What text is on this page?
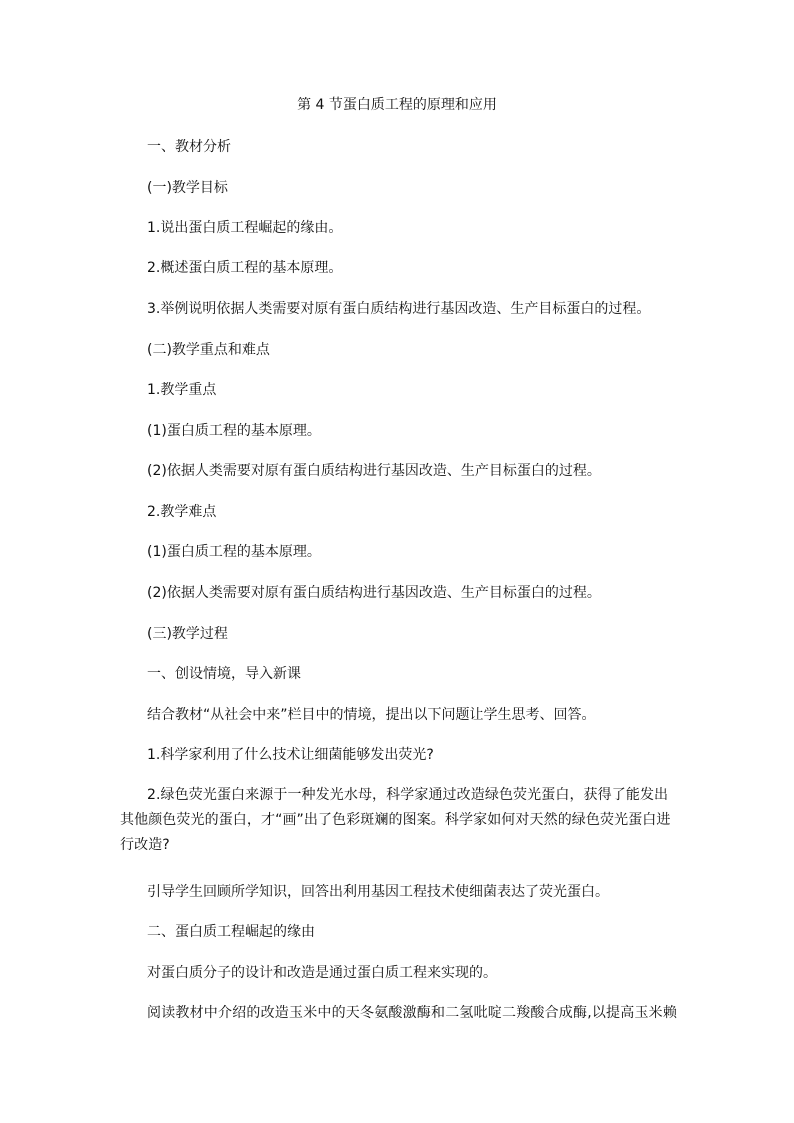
第 4 节蛋白质工程的原理和应用

一、教材分析

(一)教学目标

1.说出蛋白质工程崛起的缘由。

2.概述蛋白质工程的基本原理。

3.举例说明依据人类需要对原有蛋白质结构进行基因改造、生产目标蛋白的过程。

(二)教学重点和难点

1.教学重点

(1)蛋白质工程的基本原理。

(2)依据人类需要对原有蛋白质结构进行基因改造、生产目标蛋白的过程。

2.教学难点

(1)蛋白质工程的基本原理。

(2)依据人类需要对原有蛋白质结构进行基因改造、生产目标蛋白的过程。

(三)教学过程

一、创设情境，导入新课

结合教材“从社会中来”栏目中的情境，提出以下问题让学生思考、回答。

1.科学家利用了什么技术让细菌能够发出荧光?

2.绿色荧光蛋白来源于一种发光水母，科学家通过改造绿色荧光蛋白，获得了能发出其他颜色荧光的蛋白，才“画”出了色彩斑斓的图案。科学家如何对天然的绿色荧光蛋白进行改造?

引导学生回顾所学知识，回答出利用基因工程技术使细菌表达了荧光蛋白。

二、蛋白质工程崛起的缘由

对蛋白质分子的设计和改造是通过蛋白质工程来实现的。

阅读教材中介绍的改造玉米中的天冬氨酸激酶和二氢吡啶二羧酸合成酶,以提高玉米赖
